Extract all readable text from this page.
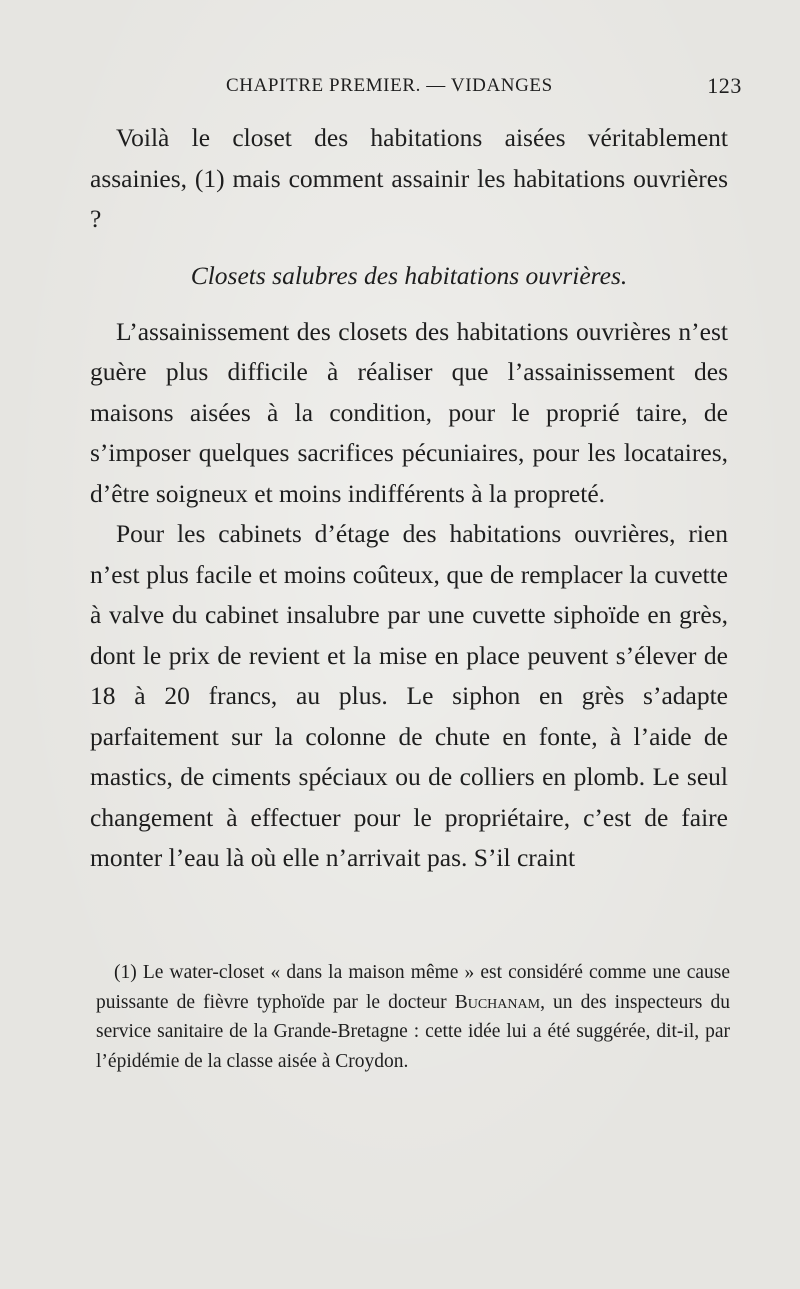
CHAPITRE PREMIER. — VIDANGES	123

Voilà le closet des habitations aisées véritablement assainies, (1) mais comment assainir les habitations ouvrières ?

Closets salubres des habitations ouvrières.

L’assainissement des closets des habitations ouvrières n’est guère plus difficile à réaliser que l’assainissement des maisons aisées à la condition, pour le proprié taire, de s’imposer quelques sacrifices pécuniaires, pour les locataires, d’être soigneux et moins indifférents à la propreté.

Pour les cabinets d’étage des habitations ouvrières, rien n’est plus facile et moins coûteux, que de remplacer la cuvette à valve du cabinet insalubre par une cuvette siphoïde en grès, dont le prix de revient et la mise en place peuvent s’élever de 18 à 20 francs, au plus. Le siphon en grès s’adapte parfaitement sur la colonne de chute en fonte, à l’aide de mastics, de ciments spéciaux ou de colliers en plomb. Le seul changement à effectuer pour le propriétaire, c’est de faire monter l’eau là où elle n’arrivait pas. S’il craint

(1) Le water-closet « dans la maison même » est considéré comme une cause puissante de fièvre typhoïde par le docteur Buchanam, un des inspecteurs du service sanitaire de la Grande-Bretagne : cette idée lui a été suggérée, dit-il, par l’épidémie de la classe aisée à Croydon.
